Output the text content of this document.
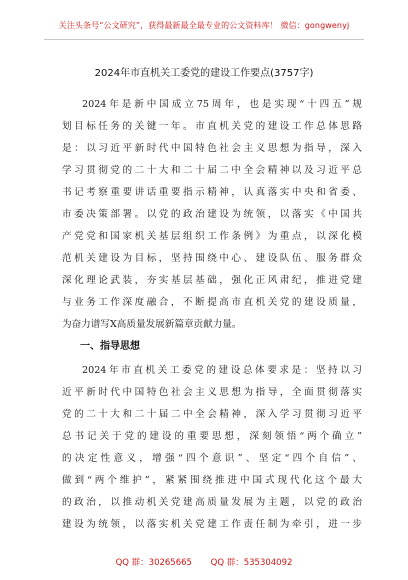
关注头条号“公文研究”，获得最新最全最专业的公文资料库！ 微信：gongwenyj
2024年市直机关工委党的建设工作要点(3757字)
2024年是新中国成立75周年，也是实现“十四五”规
划目标任务的关键一年。市直机关党的建设工作总体思路
是：以习近平新时代中国特色社会主义思想为指导，深入
学习贯彻党的二十大和二十届二中全会精神以及习近平总
书记考察重要讲话重要指示精神，认真落实中央和省委、
市委决策部署。以党的政治建设为统领，以落实《中国共
产党党和国家机关基层组织工作条例》为重点，以深化模
范机关建设为目标，坚持围绕中心、建设队伍、服务群众
深化理论武装，夯实基层基础，强化正风肃纪，推进党建
与业务工作深度融合，不断提高市直机关党的建设质量，
为奋力谱写X高质量发展新篇章贡献力量。
一、指导思想
2024年市直机关工委党的建设总体要求是：坚持以习
近平新时代中国特色社会主义思想为指导，全面贯彻落实
党的二十大和二十届二中全会精神，深入学习贯彻习近平
总书记关于党的建设的重要思想，深刻领悟“两个确立”
的决定性意义，增强“四个意识”、坚定“四个自信”、
做到“两个维护”，紧紧围绕推进中国式现代化这个最大
的政治，以推动机关党建高质量发展为主题，以党的政治
建设为统领，以落实机关党建工作责任制为牵引，进一步
QQ 群：30265665 QQ 群：535304092
